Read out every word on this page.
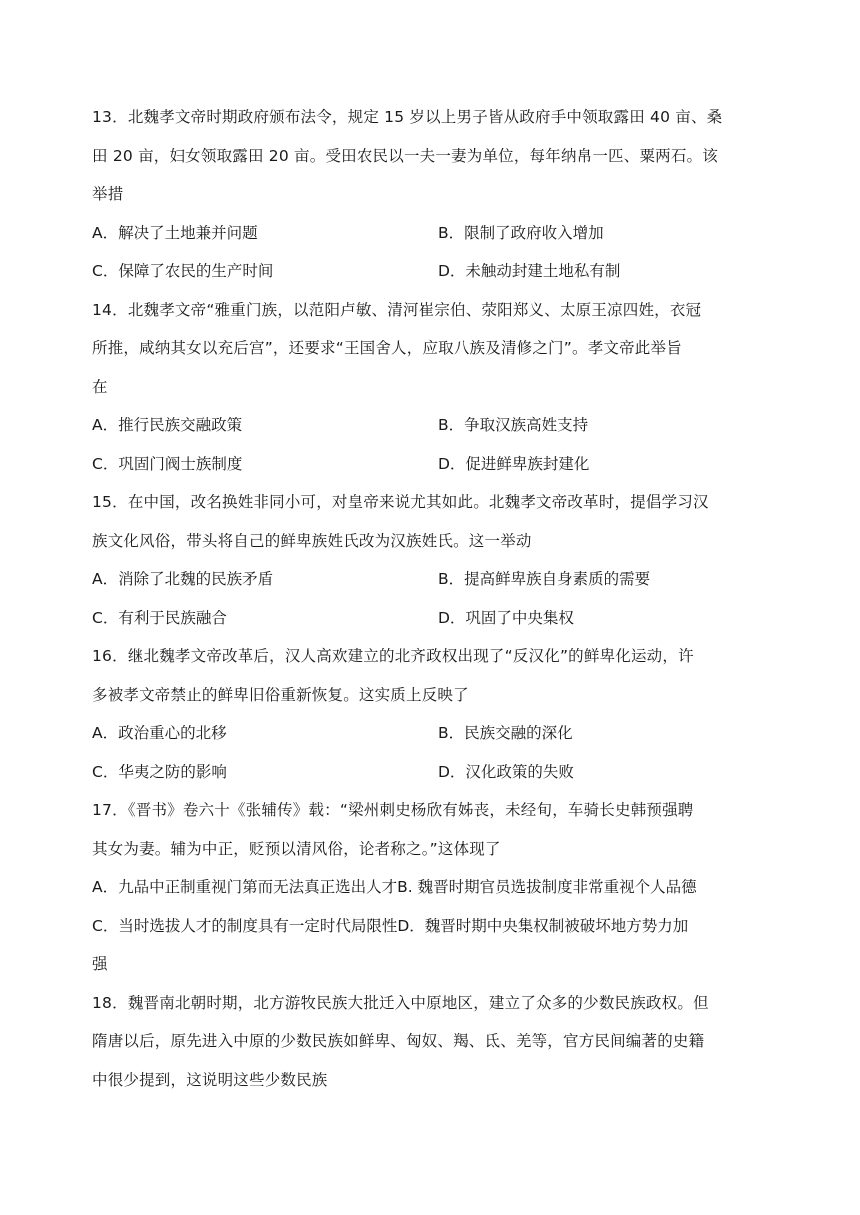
13．北魏孝文帝时期政府颁布法令，规定 15 岁以上男子皆从政府手中领取露田 40 亩、桑
田 20 亩，妇女领取露田 20 亩。受田农民以一夫一妻为单位，每年纳帛一匹、粟两石。该
举措
A．解决了土地兼并问题	B．限制了政府收入增加
C．保障了农民的生产时间	D．未触动封建土地私有制
14．北魏孝文帝“雅重门族，以范阳卢敏、清河崔宗伯、荥阳郑义、太原王凉四姓，衣冠
所推，咸纳其女以充后宫”，还要求“王国舍人，应取八族及清修之门”。孝文帝此举旨
在
A．推行民族交融政策	B．争取汉族高姓支持
C．巩固门阀士族制度	D．促进鲜卑族封建化
15．在中国，改名换姓非同小可，对皇帝来说尤其如此。北魏孝文帝改革时，提倡学习汉
族文化风俗，带头将自己的鲜卑族姓氏改为汉族姓氏。这一举动
A．消除了北魏的民族矛盾	B．提高鲜卑族自身素质的需要
C．有利于民族融合	D．巩固了中央集权
16．继北魏孝文帝改革后，汉人高欢建立的北齐政权出现了“反汉化”的鲜卑化运动，许
多被孝文帝禁止的鲜卑旧俗重新恢复。这实质上反映了
A．政治重心的北移	B．民族交融的深化
C．华夷之防的影响	D．汉化政策的失败
17．《晋书》卷六十《张辅传》载：“梁州刺史杨欣有姊丧，未经旬，车骑长史韩预强聘
其女为妻。辅为中正，贬预以清风俗，论者称之。”这体现了
A．九品中正制重视门第而无法真正选出人才 B. 魏晋时期官员选拔制度非常重视个人品德
C．当时选拔人才的制度具有一定时代局限性 D．魏晋时期中央集权制被破坏地方势力加
强
18．魏晋南北朝时期，北方游牧民族大批迁入中原地区，建立了众多的少数民族政权。但
隋唐以后，原先进入中原的少数民族如鲜卑、匈奴、羯、氐、羌等，官方民间编著的史籍
中很少提到，这说明这些少数民族
